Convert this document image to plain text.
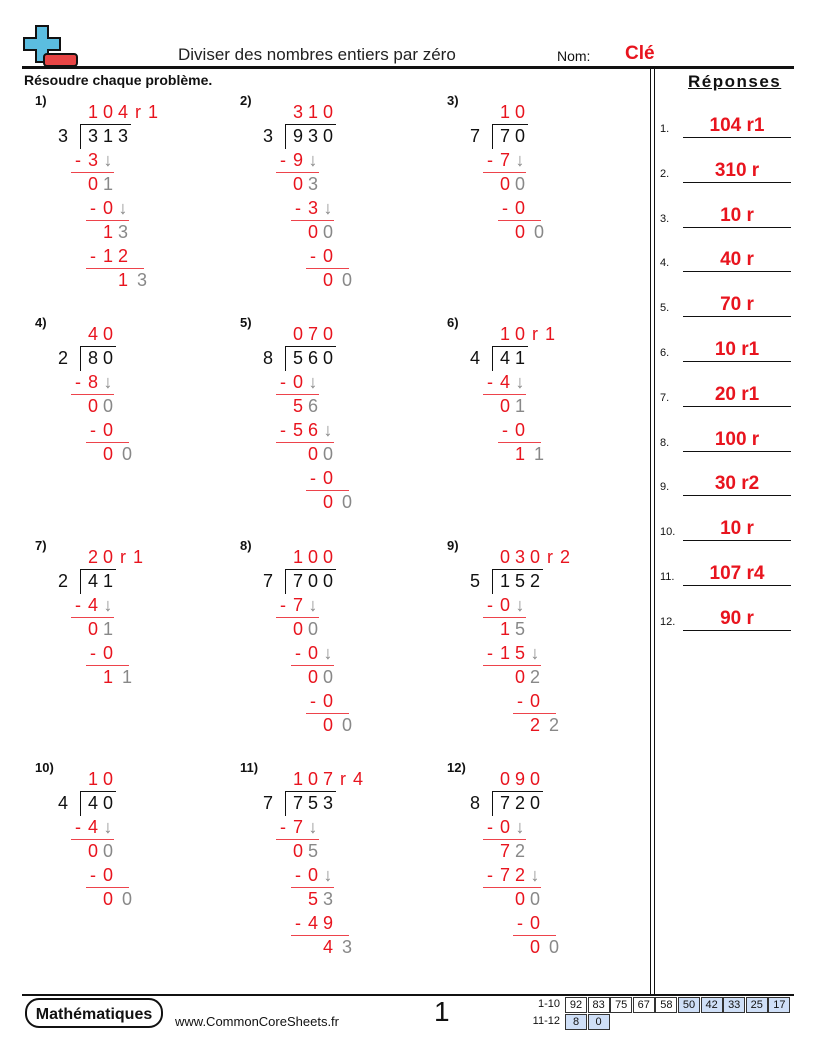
Diviser des nombres entiers par zéro	Nom: Clé
Résoudre chaque problème.	Réponses
1)
1 0 4 r 1
3 3 1 3
- 3 ↓
0 1
- 0 ↓
1 3
- 1 2
1 3
2)
3 1 0
3 9 3 0
- 9 ↓
0 3
- 3 ↓
0 0
- 0
0 0
3)
1 0
7 7 0
- 7 ↓
0 0
- 0
0 0
4)
4 0
2 8 0
- 8 ↓
0 0
- 0
0 0
5)
0 7 0
8 5 6 0
- 0 ↓
5 6
- 5 6 ↓
0 0
- 0
0 0
6)
1 0 r 1
4 4 1
- 4 ↓
0 1
- 0
1 1
7)
2 0 r 1
2 4 1
- 4 ↓
0 1
- 0
1 1
8)
1 0 0
7 7 0 0
- 7 ↓
0 0
- 0 ↓
0 0
- 0
0 0
9)
0 3 0 r 2
5 1 5 2
- 0 ↓
1 5
- 1 5 ↓
0 2
- 0
2 2
10)
1 0
4 4 0
- 4 ↓
0 0
- 0
0 0
11)
1 0 7 r 4
7 7 5 3
- 7 ↓
0 5
- 0 ↓
5 3
- 4 9
4 3
12)
0 9 0
8 7 2 0
- 0 ↓
7 2
- 7 2 ↓
0 0
- 0
0 0
1.	104 r1
2.	310 r
3.	10 r
4.	40 r
5.	70 r
6.	10 r1
7.	20 r1
8.	100 r
9.	30 r2
10.	10 r
11.	107 r4
12.	90 r
Mathématiques	www.CommonCoreSheets.fr	1	1-10 92 83 75 67 58 50 42 33 25 17
11-12	8	0
